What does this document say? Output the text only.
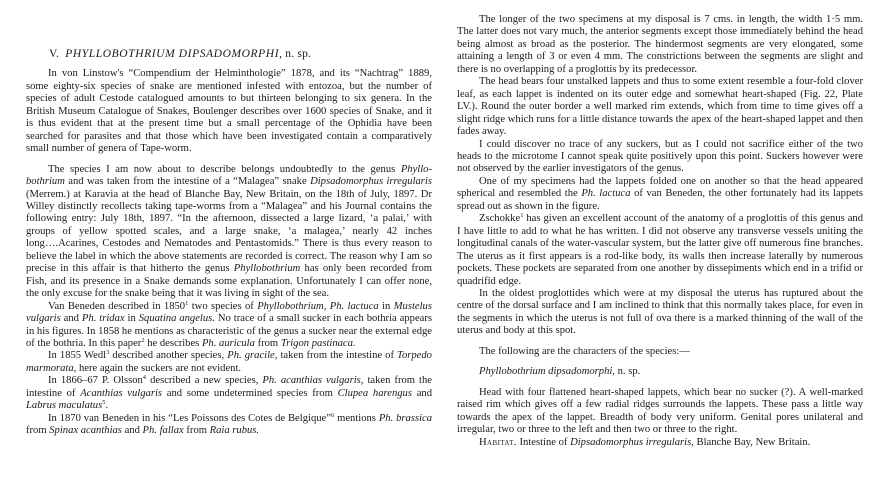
V. PHYLLOBOTHRIUM DIPSADOMORPHI, n. sp.

In von Linstow's “Compendium der Helminthologie” 1878, and its “Nachtrag” 1889, some eighty-six species of snake are mentioned infested with entozoa, but the number of species of adult Cestode catalogued amounts to but thirteen belonging to six genera. In the British Museum Catalogue of Snakes, Boulenger describes over 1600 species of Snake, and it is thus evident that at the present time but a small percentage of the Ophidia have been searched for parasites and that those which have been investigated contain a comparatively small number of genera of Tape-worm.

The species I am now about to describe belongs undoubtedly to the genus Phyllo-bothrium and was taken from the intestine of a “Malagea” snake Dipsadomorphus irregularis (Merrem.) at Karavia at the head of Blanche Bay, New Britain, on the 18th of July, 1897. Dr Willey distinctly recollects taking tape-worms from a “Malagea” and his Journal contains the following entry: July 18th, 1897. “In the afternoon, dissected a large lizard, ‘a palai,’ with groups of yellow spotted scales, and a large snake, ‘a malagea,’ nearly 42 inches long….Acarines, Cestodes and Nematodes and Pentastomids.” There is thus every reason to believe the label in which the above statements are recorded is correct. The reason why I am so precise in this affair is that hitherto the genus Phyllobothrium has only been recorded from Fish, and its presence in a Snake demands some explanation. Unfortunately I can offer none, the only excuse for the snake being that it was living in sight of the sea.

Van Beneden described in 1850$^1$ two species of Phyllobothrium, Ph. lactuca in Mustelus vulgaris and Ph. tridax in Squatina angelus. No trace of a small sucker in each bothria appears in his figures. In 1858 he mentions as characteristic of the genus a sucker near the external edge of the bothria. In this paper$^2$ he describes Ph. auricula from Trigon pastinaca.

In 1855 Wedl$^3$ described another species, Ph. gracile, taken from the intestine of Torpedo marmorata, here again the suckers are not evident.

In 1866–67 P. Olsson$^4$ described a new species, Ph. acanthias vulgaris, taken from the intestine of Acanthias vulgaris and some undetermined species from Clupea harengus and Labrus maculatus$^5$.

In 1870 van Beneden in his “Les Poissons des Cotes de Belgique”$^6$ mentions Ph. brassica from Spinax acanthias and Ph. fallax from Raia rubus.

The longer of the two specimens at my disposal is 7 cms. in length, the width 1·5 mm. The latter does not vary much, the anterior segments except those immediately behind the head being almost as broad as the posterior. The hindermost segments are very elongated, some attaining a length of 3 or even 4 mm. The constrictions between the segments are slight and there is no overlapping of a proglottis by its predecessor.

The head bears four unstalked lappets and thus to some extent resemble a four-fold clover leaf, as each lappet is indented on its outer edge and somewhat heart-shaped (Fig. 22, Plate LV.). Round the outer border a well marked rim extends, which from time to time gives off a slight ridge which runs for a little distance towards the apex of the heart-shaped lappet and then fades away.

I could discover no trace of any suckers, but as I could not sacrifice either of the two heads to the microtome I cannot speak quite positively upon this point. Suckers however were not observed by the earlier investigators of the genus.

One of my specimens had the lappets folded one on another so that the head appeared spherical and resembled the Ph. lactuca of van Beneden, the other fortunately had its lappets spread out as shown in the figure.

Zschokke$^1$ has given an excellent account of the anatomy of a proglottis of this genus and I have little to add to what he has written. I did not observe any transverse vessels uniting the longitudinal canals of the water-vascular system, but the latter give off numerous fine branches. The uterus as it first appears is a rod-like body, its walls then increase laterally by numerous pockets. These pockets are separated from one another by dissepiments which end in a trifid or quadrifid edge.

In the oldest proglottides which were at my disposal the uterus has ruptured about the centre of the dorsal surface and I am inclined to think that this normally takes place, for even in the segments in which the uterus is not full of ova there is a marked thinning of the wall of the uterus and body at this spot.

The following are the characters of the species:—

Phyllobothrium dipsadomorphi, n. sp.

Head with four flattened heart-shaped lappets, which bear no sucker (?). A well-marked raised rim which gives off a few radial ridges surrounds the lappets. These pass a little way towards the apex of the lappet. Breadth of body very uniform. Genital pores unilateral and irregular, two or three to the left and then two or three to the right.

Habitat. Intestine of Dipsadomorphus irregularis, Blanche Bay, New Britain.
